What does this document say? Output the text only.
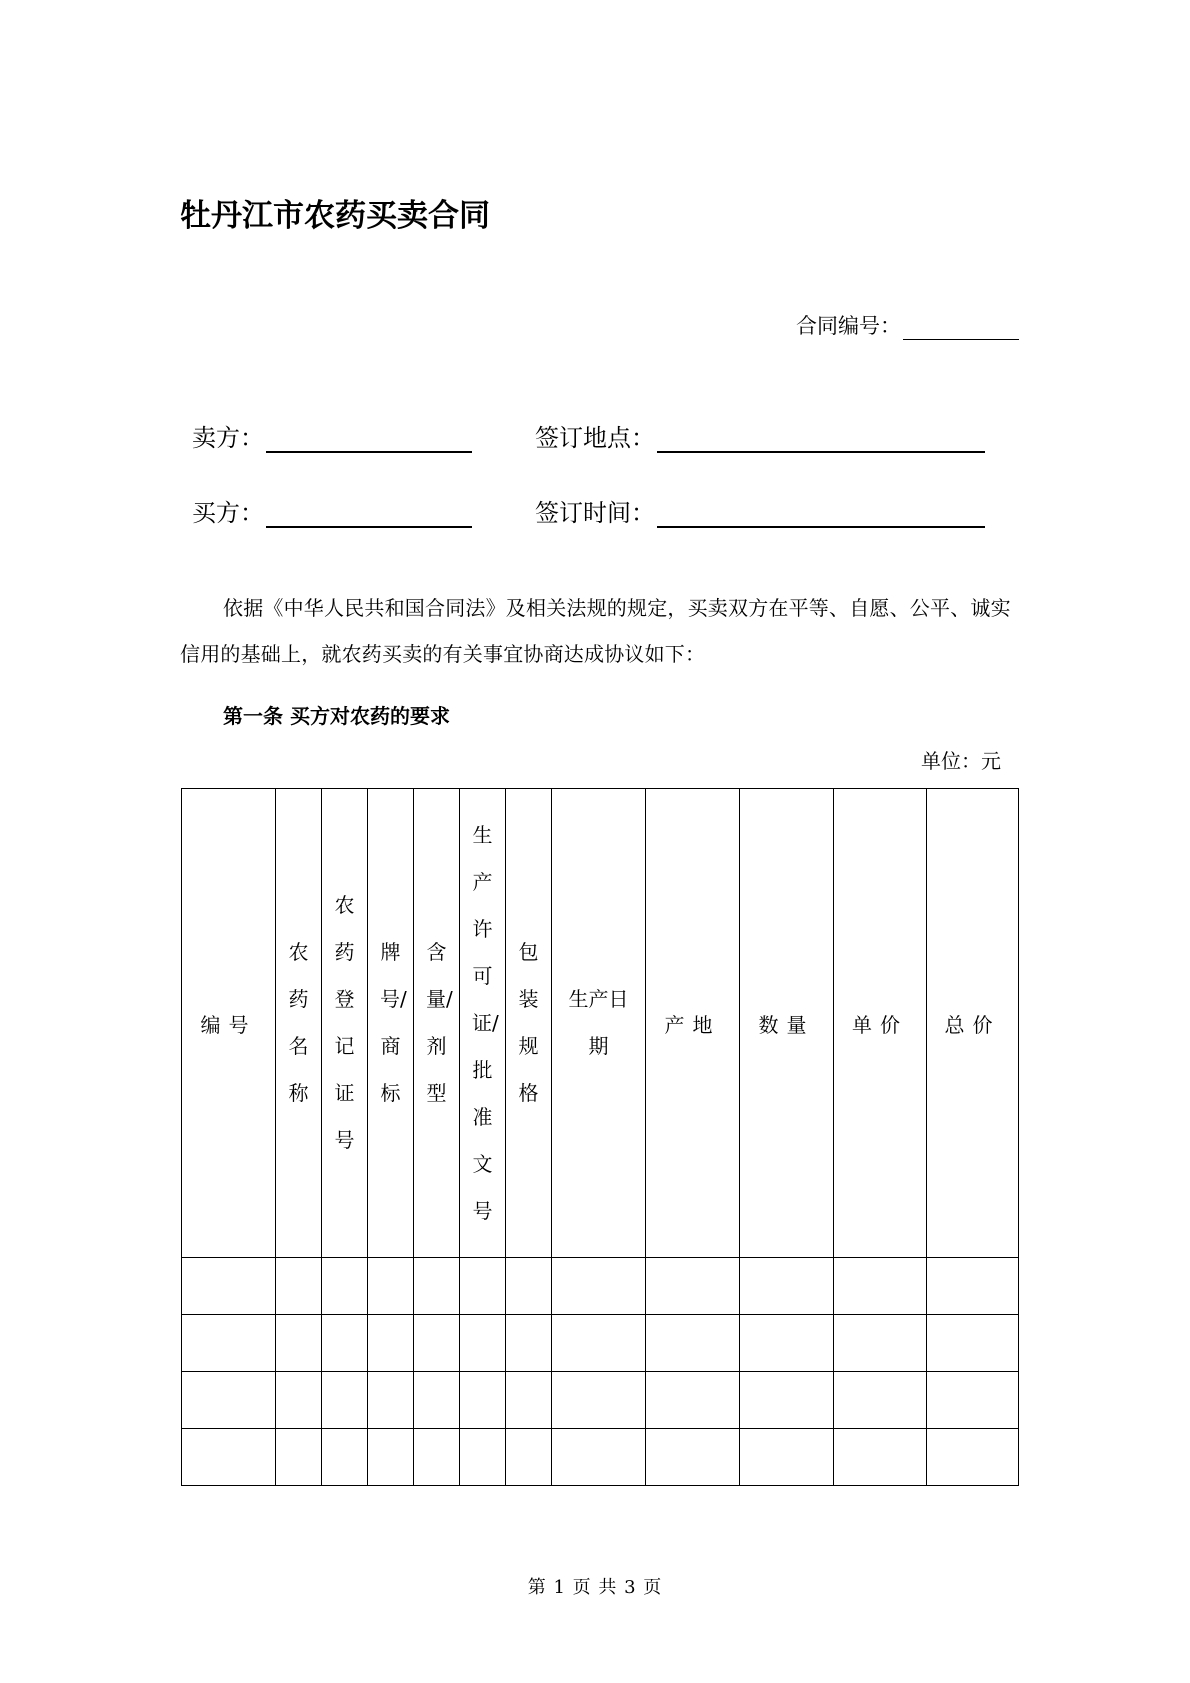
牡丹江市农药买卖合同
合同编号：
卖方：	签订地点：
买方：	签订时间：
依据《中华人民共和国合同法》及相关法规的规定，买卖双方在平等、自愿、公平、诚实信用的基础上，就农药买卖的有关事宜协商达成协议如下：
第一条 买方对农药的要求
单位：元
编号	农药名称	农药登记证号	牌号/商标	含量/剂型	生产许可证/批准文号	包装规格	生产日期	产地	数量	单价	总价

第 1 页 共 3 页
